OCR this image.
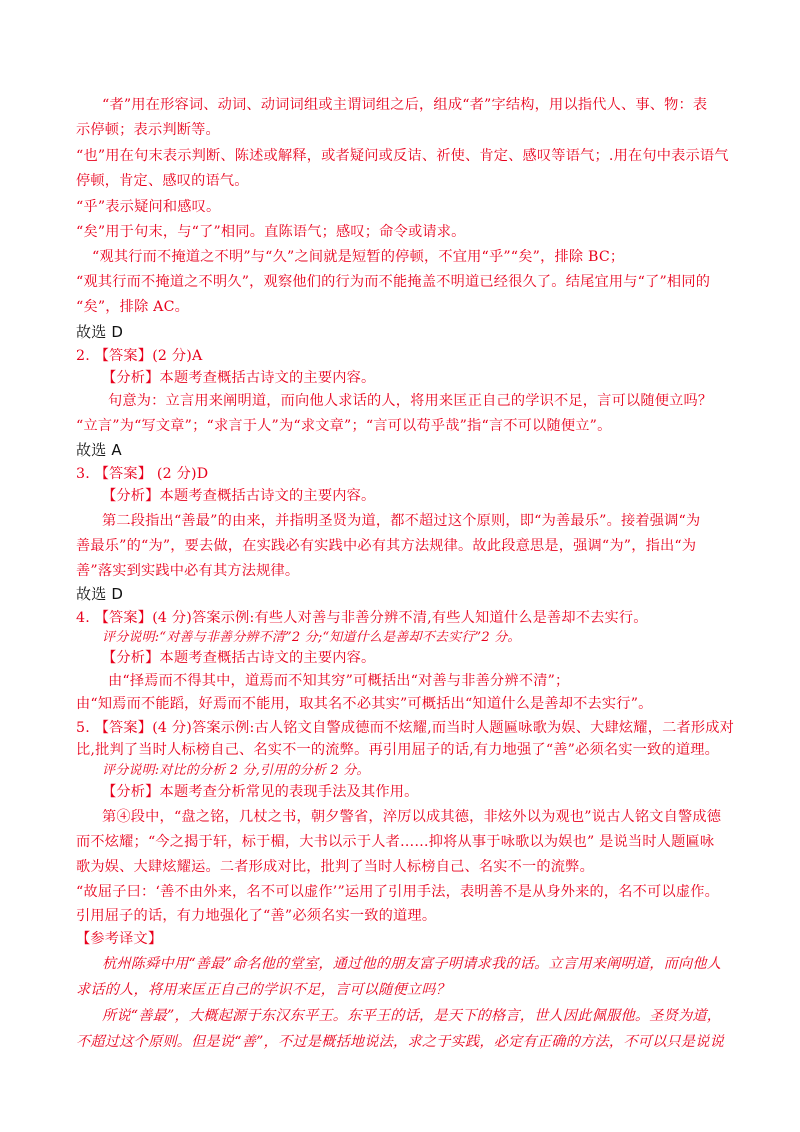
“者”用在形容词、动词、动词词组或主谓词组之后，组成“者”字结构，用以指代人、事、物：表
示停顿；表示判断等。
“也”用在句末表示判断、陈述或解释，或者疑问或反诘、祈使、肯定、感叹等语气；.用在句中表示语气
停顿，肯定、感叹的语气。
“乎”表示疑问和感叹。
“矣”用于句末，与“了”相同。直陈语气；感叹；命令或请求。
“观其行而不掩道之不明”与“久”之间就是短暂的停顿，不宜用“乎”“矣”，排除 BC；
“观其行而不掩道之不明久”，观察他们的行为而不能掩盖不明道已经很久了。结尾宜用与“了”相同的
“矣”，排除 AC。
故选 D
2. 【答案】(2 分)A
【分析】本题考查概括古诗文的主要内容。
句意为：立言用来阐明道，而向他人求话的人，将用来匡正自己的学识不足，言可以随便立吗？
“立言”为“写文章”；“求言于人”为“求文章”；“言可以苟乎哉”指“言不可以随便立”。
故选 A
3. 【答案】 (2 分)D
【分析】本题考查概括古诗文的主要内容。
第二段指出“善最”的由来，并指明圣贤为道，都不超过这个原则，即“为善最乐”。接着强调“为
善最乐”的“为”，要去做，在实践必有实践中必有其方法规律。故此段意思是，强调“为”，指出“为
善”落实到实践中必有其方法规律。
故选 D
4. 【答案】(4 分)答案示例:有些人对善与非善分辨不清,有些人知道什么是善却不去实行。
评分说明:“对善与非善分辨不清”2 分;“知道什么是善却不去实行”2 分。
【分析】本题考查概括古诗文的主要内容。
由“择焉而不得其中，道焉而不知其穷”可概括出“对善与非善分辨不清”；
由“知焉而不能蹈，好焉而不能用，取其名不必其实”可概括出“知道什么是善却不去实行”。
5. 【答案】(4 分)答案示例:古人铭文自警成德而不炫耀,而当时人题匾咏歌为娱、大肆炫耀，二者形成对
比,批判了当时人标榜自己、名实不一的流弊。再引用屈子的话,有力地强了“善”必须名实一致的道理。
评分说明:对比的分析 2 分,引用的分析 2 分。
【分析】本题考查分析常见的表现手法及其作用。
第④段中，“盘之铭，几杖之书，朝夕警省，淬厉以成其德，非炫外以为观也”说古人铭文自警成德
而不炫耀；“今之揭于轩，标于楣，大书以示于人者……抑将从事于咏歌以为娱也” 是说当时人题匾咏
歌为娱、大肆炫耀运。二者形成对比，批判了当时人标榜自己、名实不一的流弊。
“故屈子曰：‘善不由外来，名不可以虚作’”运用了引用手法，表明善不是从身外来的，名不可以虚作。
引用屈子的话，有力地强化了“善”必须名实一致的道理。
【参考译文】
杭州陈舜中用“善最”命名他的堂室，通过他的朋友富子明请求我的话。立言用来阐明道，而向他人
求话的人，将用来匡正自己的学识不足，言可以随便立吗？
所说“善最”，大概起源于东汉东平王。东平王的话，是天下的格言，世人因此佩服他。圣贤为道，
不超过这个原则。但是说“善”，不过是概括地说法，求之于实践，必定有正确的方法，不可以只是说说
